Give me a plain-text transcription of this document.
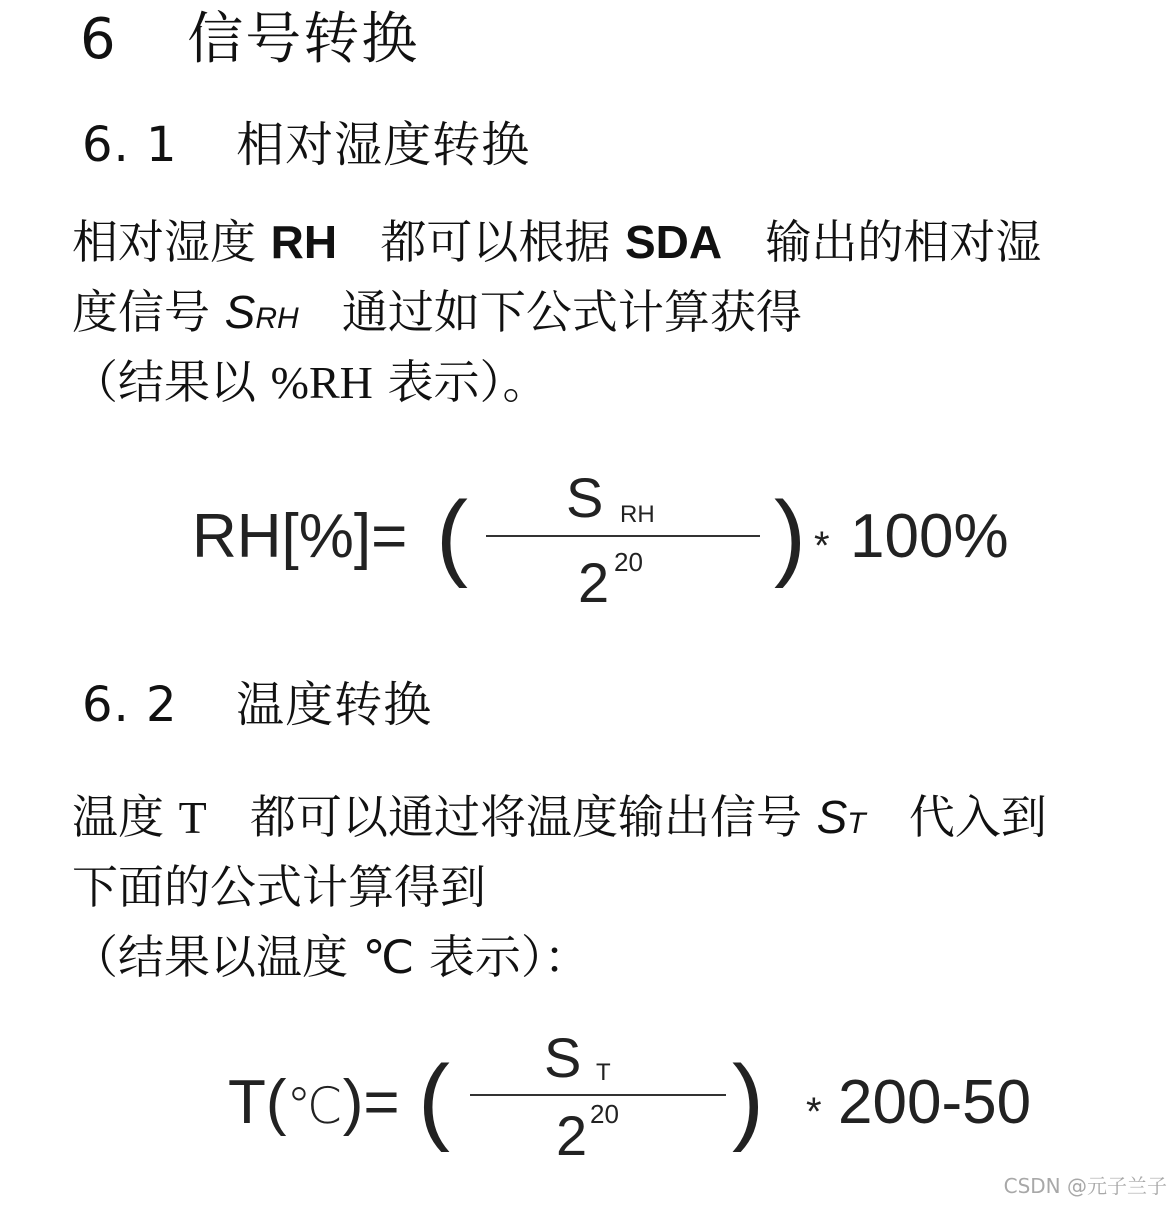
6 信号转换
6. 1 相对湿度转换
相对湿度 RH 都可以根据 SDA 输出的相对湿
度信号 SRH 通过如下公式计算获得
（结果以 %RH 表示）。
RH[%]= ( S RH
2 20 ) * 100%
6. 2 温度转换
温度 T 都可以通过将温度输出信号 ST 代入到
下面的公式计算得到
（结果以温度 ℃ 表示）：
T(℃)= ( S T
2 20 ) * 200-50
CSDN @元子兰子
